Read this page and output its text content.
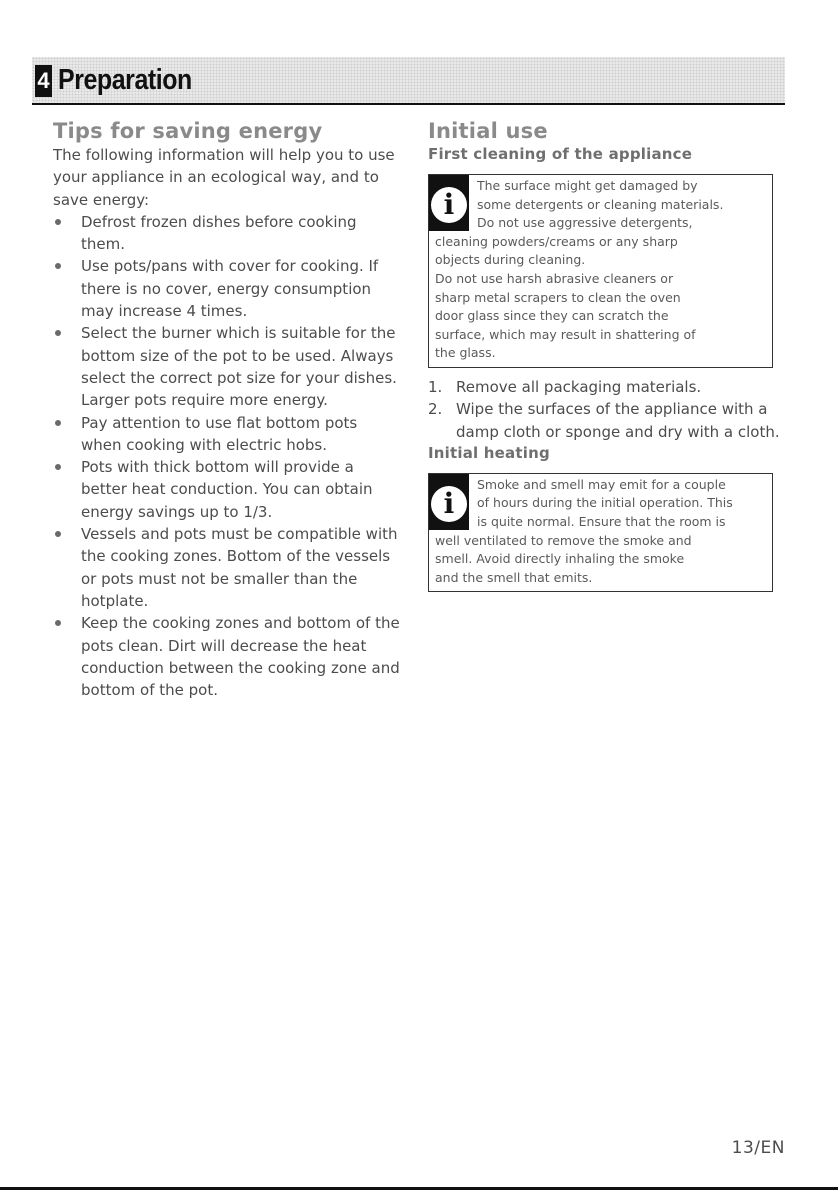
4 Preparation
Tips for saving energy

The following information will help you to use your appliance in an ecological way, and to save energy:

Defrost frozen dishes before cooking them.
Use pots/pans with cover for cooking. If there is no cover, energy consumption may increase 4 times.
Select the burner which is suitable for the bottom size of the pot to be used. Always select the correct pot size for your dishes. Larger pots require more energy.
Pay attention to use flat bottom pots when cooking with electric hobs.
Pots with thick bottom will provide a better heat conduction. You can obtain energy savings up to 1/3.
Vessels and pots must be compatible with the cooking zones. Bottom of the vessels or pots must not be smaller than the hotplate.
Keep the cooking zones and bottom of the pots clean. Dirt will decrease the heat conduction between the cooking zone and bottom of the pot.
Initial use
First cleaning of the appliance
i
The surface might get damaged by
some detergents or cleaning materials.
Do not use aggressive detergents,
cleaning powders/creams or any sharp
objects during cleaning.
Do not use harsh abrasive cleaners or
sharp metal scrapers to clean the oven
door glass since they can scratch the
surface, which may result in shattering of
the glass.
1. Remove all packaging materials.
2. Wipe the surfaces of the appliance with a damp cloth or sponge and dry with a cloth.
Initial heating
i
Smoke and smell may emit for a couple
of hours during the initial operation. This
is quite normal. Ensure that the room is
well ventilated to remove the smoke and
smell. Avoid directly inhaling the smoke
and the smell that emits.
13/EN
